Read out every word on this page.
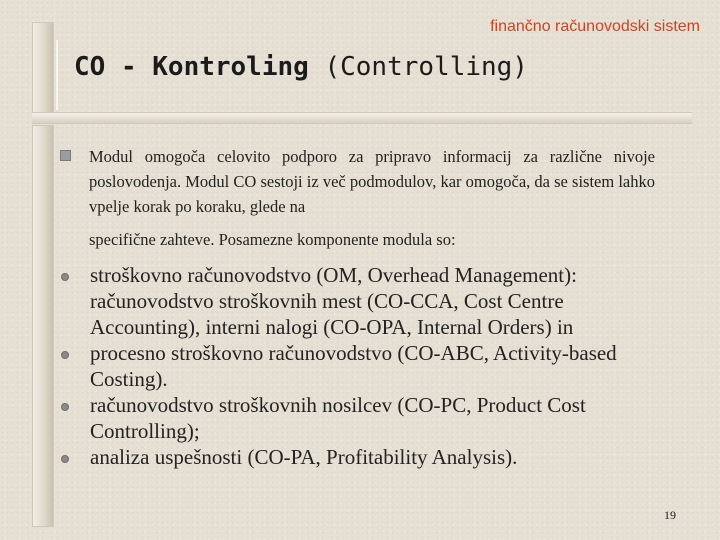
finančno računovodski sistem
CO - Kontroling (Controlling)
Modul omogoča celovito podporo za pripravo informacij za različne nivoje poslovodenja. Modul CO sestoji iz več podmodulov, kar omogoča, da se sistem lahko vpelje korak po koraku, glede na
specifične zahteve. Posamezne komponente modula so:
stroškovno računovodstvo (OM, Overhead Management): računovodstvo stroškovnih mest (CO-CCA, Cost Centre Accounting), interni nalogi (CO-OPA, Internal Orders) in
procesno stroškovno računovodstvo (CO-ABC, Activity-based Costing).
računovodstvo stroškovnih nosilcev (CO-PC, Product Cost Controlling);
analiza uspešnosti (CO-PA, Profitability Analysis).
19
